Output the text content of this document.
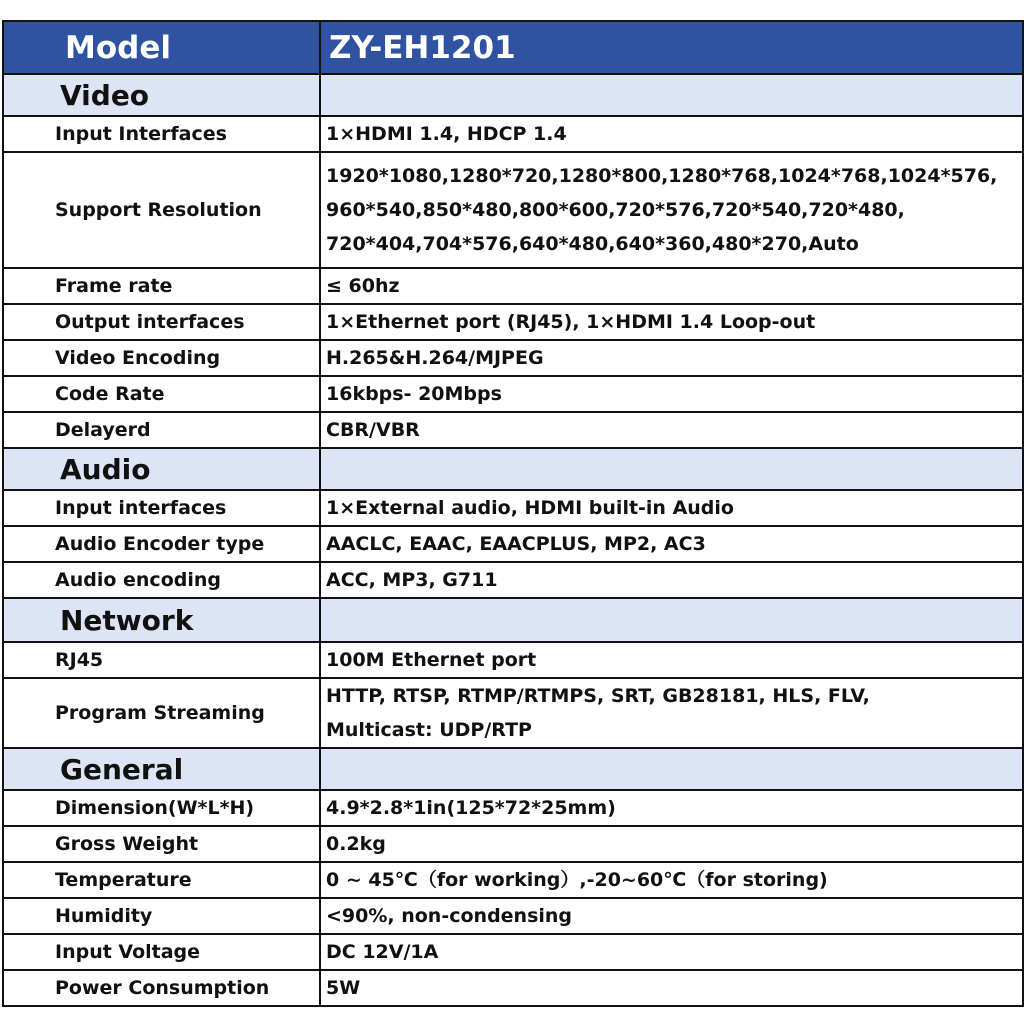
Model	ZY-EH1201
Video	
Input Interfaces	1×HDMI 1.4, HDCP 1.4

Support Resolution	1920*1080,1280*720,1280*800,1280*768,1024*768,1024*576,
960*540,850*480,800*600,720*576,720*540,720*480,
720*404,704*576,640*480,640*360,480*270,Auto

Frame rate	≤ 60hz

Output interfaces	1×Ethernet port (RJ45), 1×HDMI 1.4 Loop-out

Video Encoding	H.265&H.264/MJPEG

Code Rate	16kbps- 20Mbps

Delayerd	CBR/VBR

Audio	
Input interfaces	1×External audio, HDMI built-in Audio

Audio Encoder type	AACLC, EAAC, EAACPLUS, MP2, AC3

Audio encoding	ACC, MP3, G711

Network	
RJ45	100M Ethernet port

Program Streaming	HTTP, RTSP, RTMP/RTMPS, SRT, GB28181, HLS, FLV,
Multicast: UDP/RTP

General	
Dimension(W*L*H)	4.9*2.8*1in(125*72*25mm)

Gross Weight	0.2kg

Temperature	0 ~ 45℃（for working）,-20~60℃（for storing)

Humidity	<90%, non-condensing

Input Voltage	DC 12V/1A

Power Consumption	5W
